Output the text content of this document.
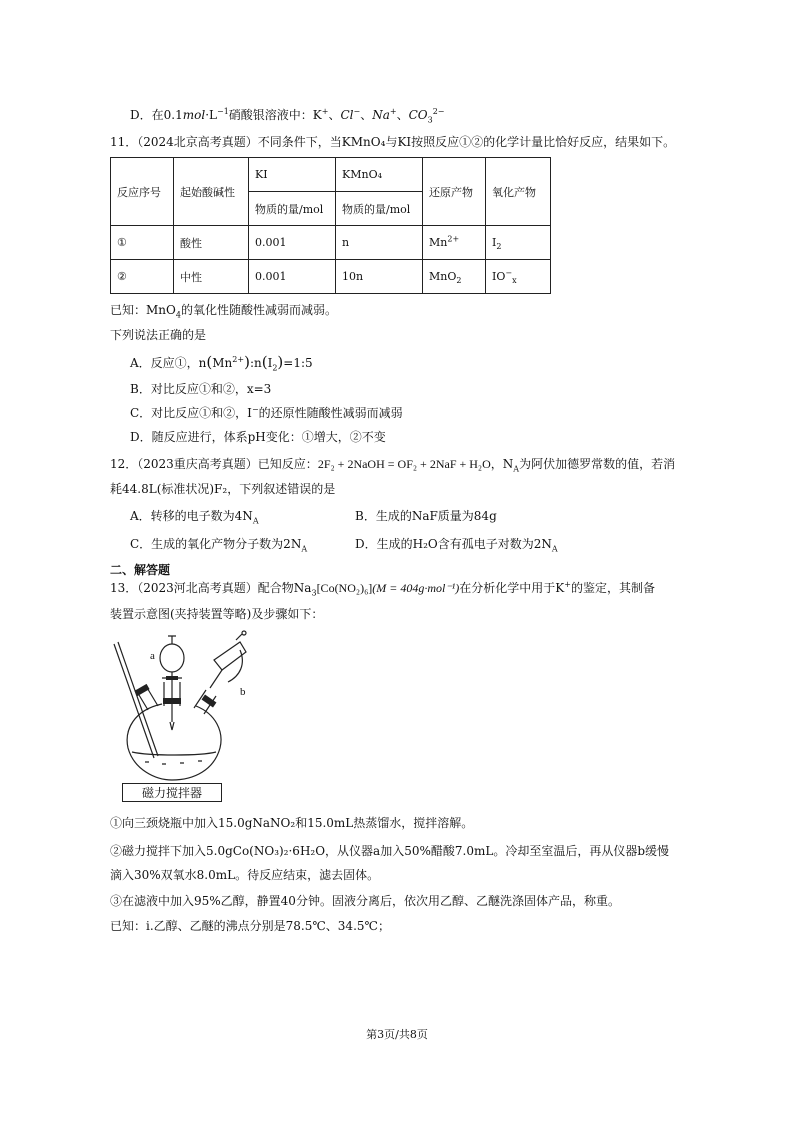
D．在$0.1mol\cdot L^{-1}$硝酸银溶液中：K+、Cl−、Na+、$CO_3^{2-}$
11．（2024北京高考真题）不同条件下，当KMnO₄与KI按照反应①②的化学计量比恰好反应，结果如下。
反应序号	起始酸碱性	KI	KMnO₄	还原产物	氧化产物
		物质的量/mol	物质的量/mol		
①	酸性	0.001	n	$Mn^{2+}$	$I_2$
②	中性	0.001	10n	MnO$_2$	$IO^-_x$
已知：MnO$_4$的氧化性随酸性减弱而减弱。
下列说法正确的是
A．反应①，$n(Mn^{2+}):n(I_2)=1:5$
B．对比反应①和②，x=3
C．对比反应①和②，I−的还原性随酸性减弱而减弱
D．随反应进行，体系pH变化：①增大，②不变
12．（2023重庆高考真题）已知反应：2F₂ + 2NaOH = OF₂ + 2NaF + H₂O，$N_A$为阿伏加德罗常数的值，若消
耗44.8L(标准状况)F₂，下列叙述错误的是
A．转移的电子数为$4N_A$	B．生成的NaF质量为84g
C．生成的氧化产物分子数为$2N_A$	D．生成的H₂O含有孤电子对数为$2N_A$
二、解答题
13．（2023河北高考真题）配合物$Na_3[Co(NO_2)_6](M = 404g\cdot mol^{-1})$在分析化学中用于K+的鉴定，其制备
装置示意图(夹持装置等略)及步骤如下：
a
b
磁力搅拌器
①向三颈烧瓶中加入15.0gNaNO₂和15.0mL热蒸馏水，搅拌溶解。
②磁力搅拌下加入5.0gCo(NO₃)₂·6H₂O，从仪器a加入50%醋酸7.0mL。冷却至室温后，再从仪器b缓慢
滴入30%双氧水8.0mL。待反应结束，滤去固体。
③在滤液中加入95%乙醇，静置40分钟。固液分离后，依次用乙醇、乙醚洗涤固体产品，称重。
已知：i.乙醇、乙醚的沸点分别是78.5℃、34.5℃；
第3页/共8页
